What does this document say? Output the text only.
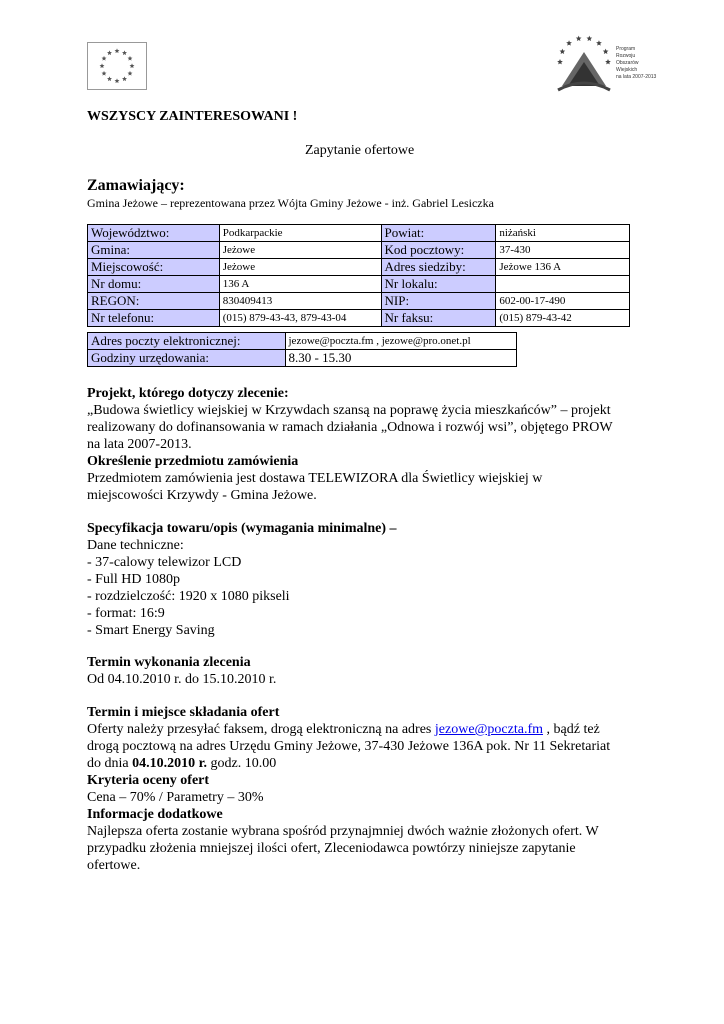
Program
Rozwoju
Obszarów
Wiejskich
na lata 2007-2013
WSZYSCY ZAINTERESOWANI !
Zapytanie ofertowe
Zamawiający:
Gmina Jeżowe – reprezentowana przez Wójta Gminy Jeżowe - inż. Gabriel Lesiczka
Województwo:	Podkarpackie	Powiat:	niżański
Gmina:	Jeżowe	Kod pocztowy:	37-430
Miejscowość:	Jeżowe	Adres siedziby:	Jeżowe 136 A
Nr domu:	136 A	Nr lokalu:	
REGON:	830409413	NIP:	602-00-17-490
Nr telefonu:	(015) 879-43-43, 879-43-04	Nr faksu:	(015) 879-43-42
Adres poczty elektronicznej:	jezowe@poczta.fm , jezowe@pro.onet.pl
Godziny urzędowania:	8.30 - 15.30
Projekt, którego dotyczy zlecenie:
„Budowa świetlicy wiejskiej w Krzywdach szansą na poprawę życia mieszkańców” – projekt
realizowany do dofinansowania w ramach działania „Odnowa i rozwój wsi”, objętego PROW
na lata 2007-2013.
Określenie przedmiotu zamówienia
Przedmiotem zamówienia jest dostawa TELEWIZORA dla Świetlicy wiejskiej w
miejscowości Krzywdy - Gmina Jeżowe.
Specyfikacja towaru/opis (wymagania minimalne) –
Dane techniczne:
- 37-calowy telewizor LCD
- Full HD 1080p
- rozdzielczość: 1920 x 1080 pikseli
- format: 16:9
- Smart Energy Saving
Termin wykonania zlecenia
Od 04.10.2010 r. do 15.10.2010 r.
Termin i miejsce składania ofert
Oferty należy przesyłać faksem, drogą elektroniczną na adres jezowe@poczta.fm , bądź też
drogą pocztową na adres Urzędu Gminy Jeżowe, 37-430 Jeżowe 136A pok. Nr 11 Sekretariat
do dnia 04.10.2010 r. godz. 10.00
Kryteria oceny ofert
Cena – 70% / Parametry – 30%
Informacje dodatkowe
Najlepsza oferta zostanie wybrana spośród przynajmniej dwóch ważnie złożonych ofert. W
przypadku złożenia mniejszej ilości ofert, Zleceniodawca powtórzy niniejsze zapytanie
ofertowe.
